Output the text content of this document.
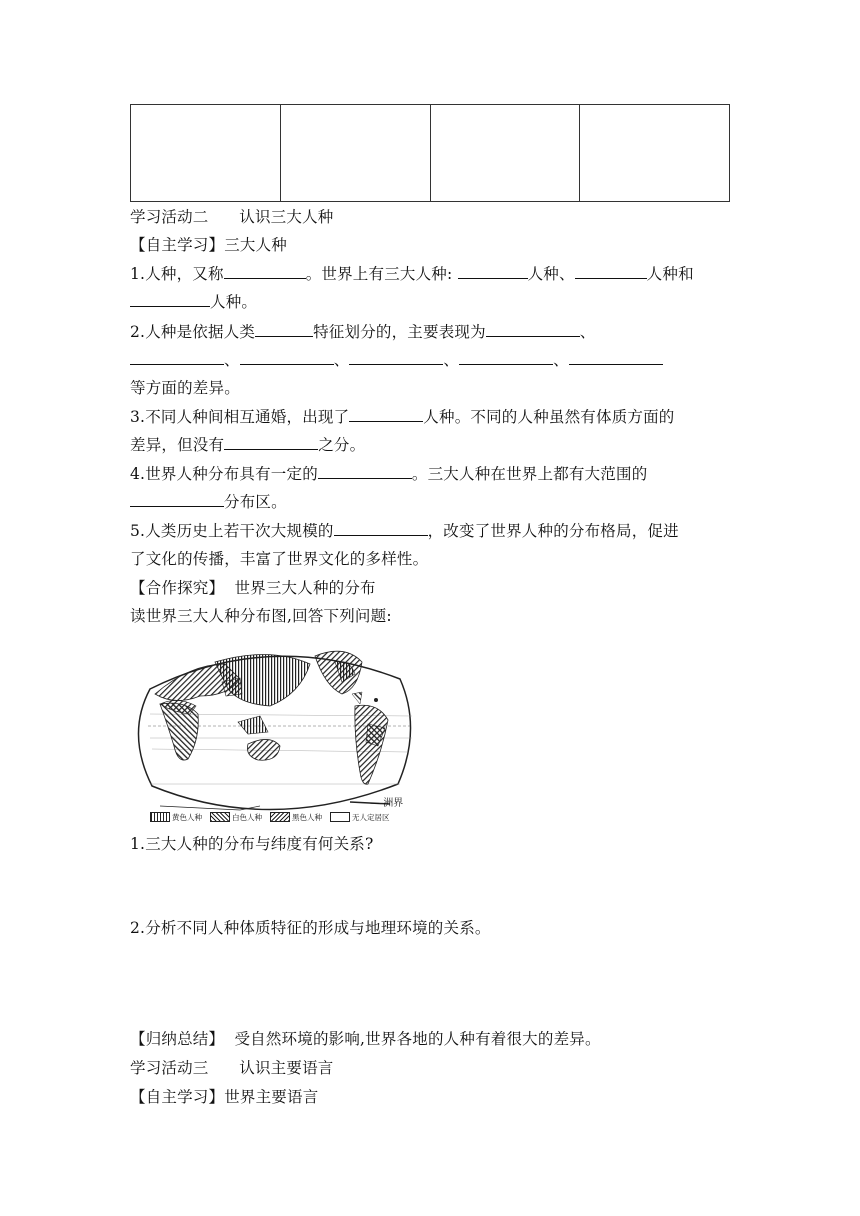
学习活动二      认识三大人种
【自主学习】三大人种
1.人种，又称	。世界上有三大人种:	人种、	人种和
人种。
2.人种是依据人类	特征划分的，主要表现为	、
、	、	、	、
等方面的差异。
3.不同人种间相互通婚，出现了	人种。不同的人种虽然有体质方面的
差异，但没有	之分。
4.世界人种分布具有一定的	。三大人种在世界上都有大范围的
分布区。
5.人类历史上若干次大规模的	，改变了世界人种的分布格局，促进
了文化的传播，丰富了世界文化的多样性。
【合作探究】  世界三大人种的分布
读世界三大人种分布图,回答下列问题:
— 洲界
黄色人种	白色人种	黑色人种	无人定居区
1.三大人种的分布与纬度有何关系?
2.分析不同人种体质特征的形成与地理环境的关系。
【归纳总结】  受自然环境的影响,世界各地的人种有着很大的差异。
学习活动三      认识主要语言
【自主学习】世界主要语言
